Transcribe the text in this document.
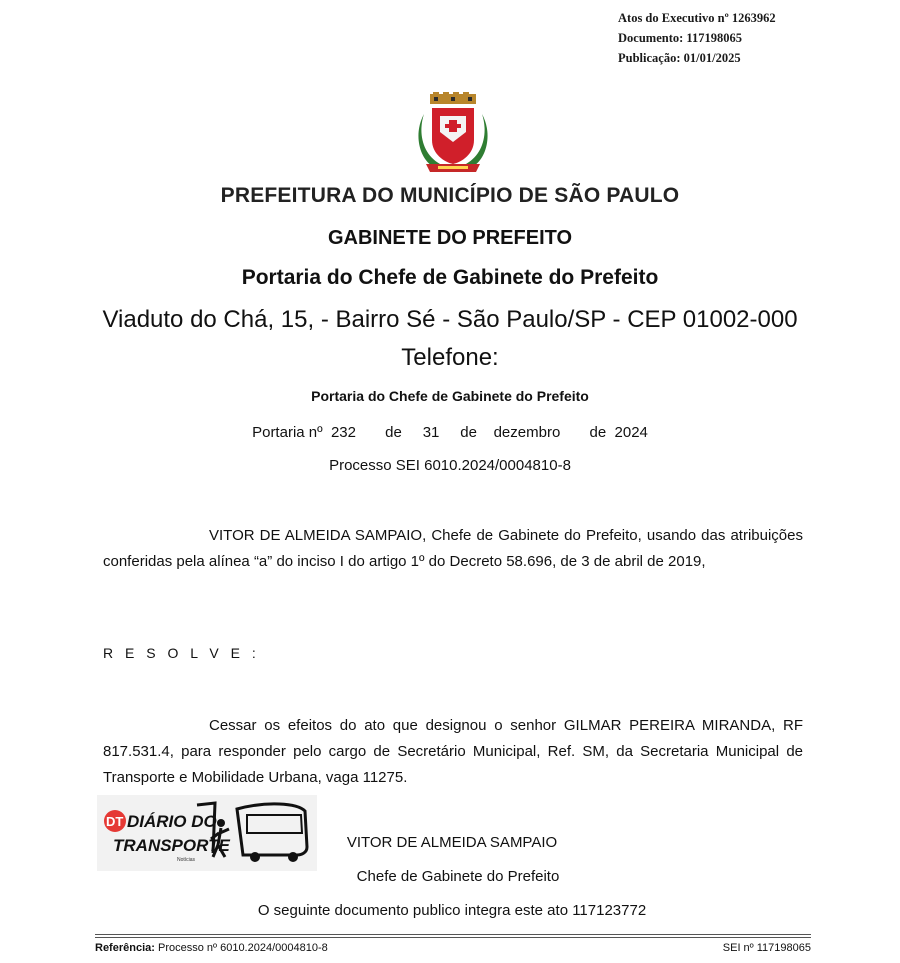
Atos do Executivo nº 1263962
Documento: 117198065
Publicação: 01/01/2025
PREFEITURA DO MUNICÍPIO DE SÃO PAULO
GABINETE DO PREFEITO
Portaria do Chefe de Gabinete do Prefeito
Viaduto do Chá, 15, - Bairro Sé - São Paulo/SP - CEP 01002-000
Telefone:
Portaria do Chefe de Gabinete do Prefeito
Portaria nº 232 de 31 de dezembro de 2024
Processo SEI 6010.2024/0004810-8
VITOR DE ALMEIDA SAMPAIO, Chefe de Gabinete do Prefeito, usando das atribuições conferidas pela alínea “a” do inciso I do artigo 1º do Decreto 58.696, de 3 de abril de 2019,
R E S O L V E :
Cessar os efeitos do ato que designou o senhor GILMAR PEREIRA MIRANDA, RF 817.531.4, para responder pelo cargo de Secretário Municipal, Ref. SM, da Secretaria Municipal de Transporte e Mobilidade Urbana, vaga 11275.
DT DIÁRIO DO
TRANSPORTE
Notícias
VITOR DE ALMEIDA SAMPAIO
Chefe de Gabinete do Prefeito
O seguinte documento publico integra este ato 117123772
Referência: Processo nº 6010.2024/0004810-8	SEI nº 117198065
